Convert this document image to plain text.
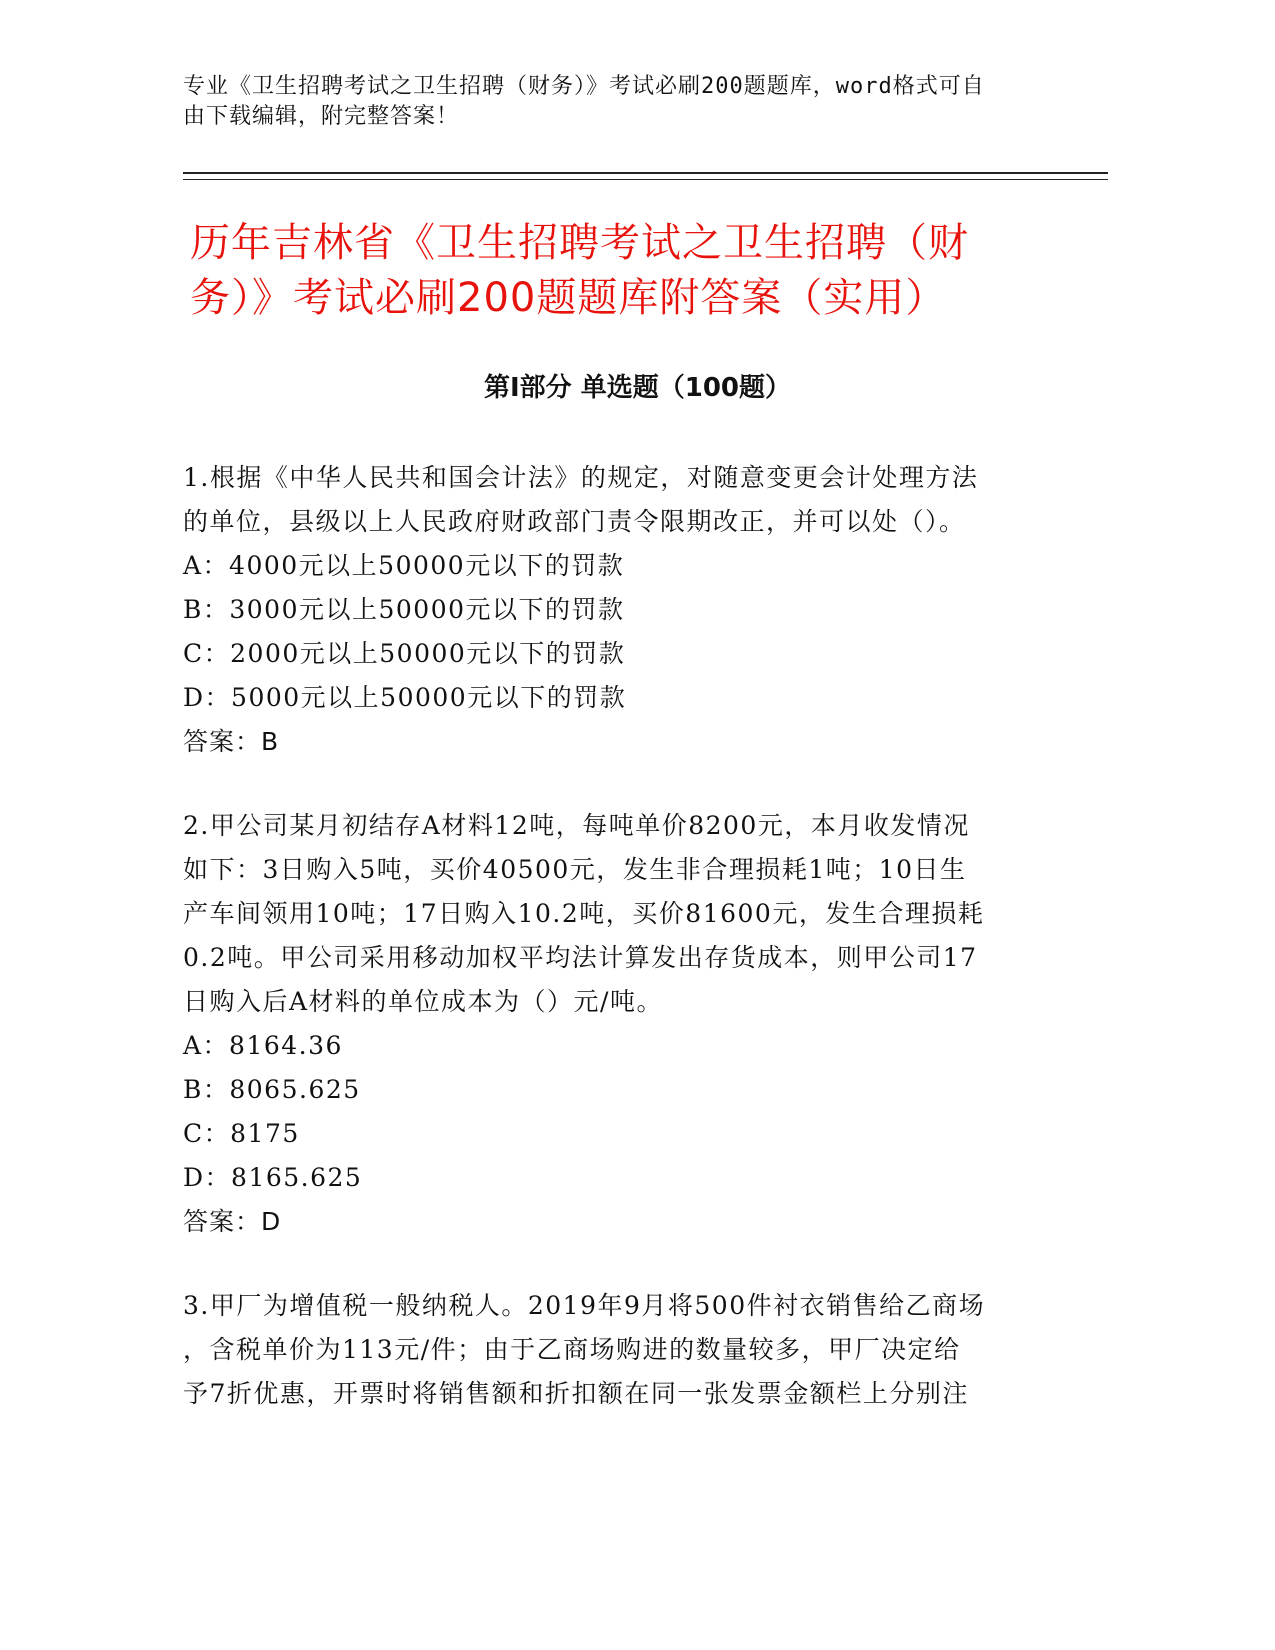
专业《卫生招聘考试之卫生招聘（财务）》考试必刷200题题库，word格式可自
由下载编辑，附完整答案！
历年吉林省《卫生招聘考试之卫生招聘（财
务）》考试必刷200题题库附答案（实用）
第Ⅰ部分 单选题（100题）
1.根据《中华人民共和国会计法》的规定，对随意变更会计处理方法
的单位，县级以上人民政府财政部门责令限期改正，并可以处（）。
A：4000元以上50000元以下的罚款
B：3000元以上50000元以下的罚款
C：2000元以上50000元以下的罚款
D：5000元以上50000元以下的罚款
答案：B
2.甲公司某月初结存A材料12吨，每吨单价8200元，本月收发情况
如下：3日购入5吨，买价40500元，发生非合理损耗1吨；10日生
产车间领用10吨；17日购入10.2吨，买价81600元，发生合理损耗
0.2吨。甲公司采用移动加权平均法计算发出存货成本，则甲公司17
日购入后A材料的单位成本为（）元/吨。
A：8164.36
B：8065.625
C：8175
D：8165.625
答案：D
3.甲厂为增值税一般纳税人。2019年9月将500件衬衣销售给乙商场
，含税单价为113元/件；由于乙商场购进的数量较多，甲厂决定给
予7折优惠，开票时将销售额和折扣额在同一张发票金额栏上分别注
